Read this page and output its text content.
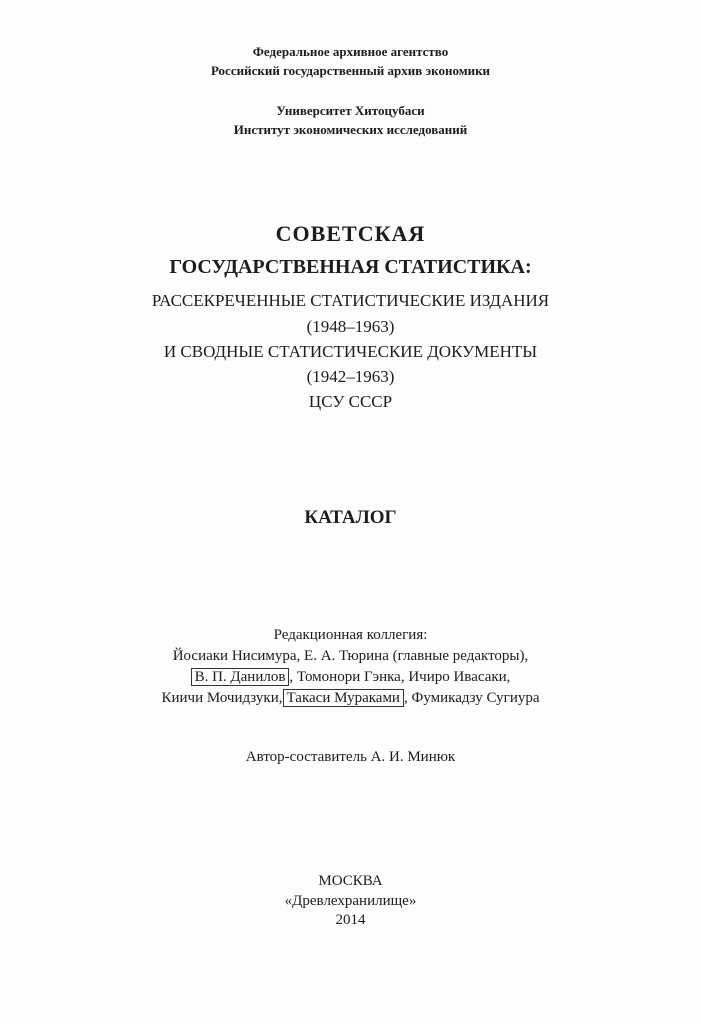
Федеральное архивное агентство
Российский государственный архив экономики
Университет Хитоцубаси
Институт экономических исследований
СОВЕТСКАЯ
ГОСУДАРСТВЕННАЯ СТАТИСТИКА:
РАССЕКРЕЧЕННЫЕ СТАТИСТИЧЕСКИЕ ИЗДАНИЯ
(1948–1963)
И СВОДНЫЕ СТАТИСТИЧЕСКИЕ ДОКУМЕНТЫ
(1942–1963)
ЦСУ СССР
КАТАЛОГ
Редакционная коллегия:
Йосиаки Нисимура, Е. А. Тюрина (главные редакторы),
В. П. Данилов , Томонори Гэнка, Ичиро Ивасаки,
Киичи Мочидзуки, Такаси Мураками , Фумикадзу Сугиура
Автор-составитель А. И. Минюк
МОСКВА
«Древлехранилище»
2014
